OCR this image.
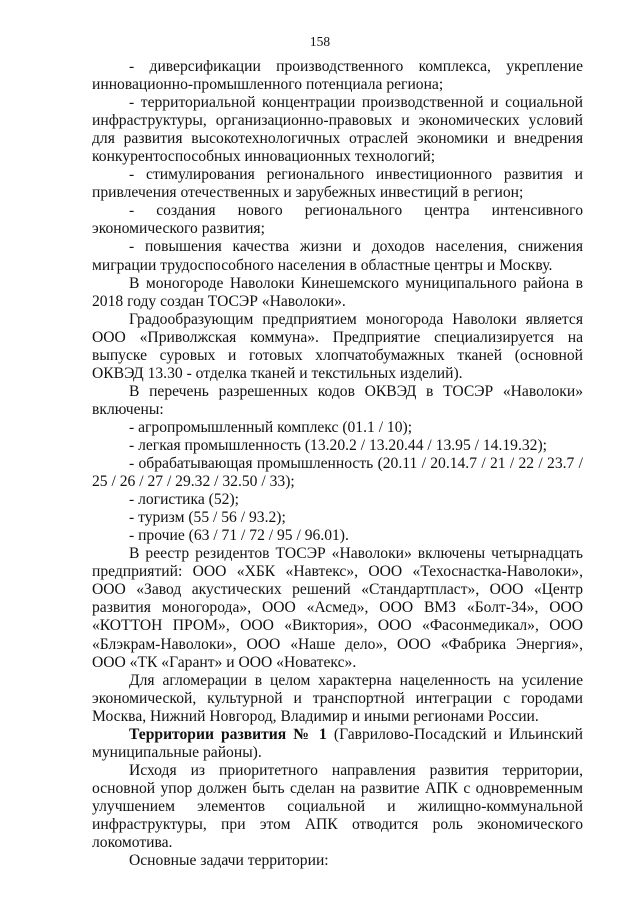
158

- диверсификации производственного комплекса, укрепление инновационно-промышленного потенциала региона;

- территориальной концентрации производственной и социальной инфраструктуры, организационно-правовых и экономических условий для развития высокотехнологичных отраслей экономики и внедрения конкурентоспособных инновационных технологий;

- стимулирования регионального инвестиционного развития и привлечения отечественных и зарубежных инвестиций в регион;

- создания нового регионального центра интенсивного экономического развития;

- повышения качества жизни и доходов населения, снижения миграции трудоспособного населения в областные центры и Москву.

В моногороде Наволоки Кинешемского муниципального района в 2018 году создан ТОСЭР «Наволоки».

Градообразующим предприятием моногорода Наволоки является ООО «Приволжская коммуна». Предприятие специализируется на выпуске суровых и готовых хлопчатобумажных тканей (основной ОКВЭД 13.30 - отделка тканей и текстильных изделий).

В перечень разрешенных кодов ОКВЭД в ТОСЭР «Наволоки» включены:

- агропромышленный комплекс (01.1 / 10);

- легкая промышленность (13.20.2 / 13.20.44 / 13.95 / 14.19.32);

- обрабатывающая промышленность (20.11 / 20.14.7 / 21 / 22 / 23.7 / 25 / 26 / 27 / 29.32 / 32.50 / 33);

- логистика (52);

- туризм (55 / 56 / 93.2);

- прочие (63 / 71 / 72 / 95 / 96.01).

В реестр резидентов ТОСЭР «Наволоки» включены четырнадцать предприятий: ООО «ХБК «Навтекс», ООО «Техоснастка-Наволоки», ООО «Завод акустических решений «Стандартпласт», ООО «Центр развития моногорода», ООО «Асмед», ООО ВМЗ «Болт-34», ООО «КОТТОН ПРОМ», ООО «Виктория», ООО «Фасонмедикал», ООО «Блэкрам-Наволоки», ООО «Наше дело», ООО «Фабрика Энергия», ООО «ТК «Гарант» и ООО «Новатекс».

Для агломерации в целом характерна нацеленность на усиление экономической, культурной и транспортной интеграции с городами Москва, Нижний Новгород, Владимир и иными регионами России.

Территории развития № 1 (Гаврилово-Посадский и Ильинский муниципальные районы).

Исходя из приоритетного направления развития территории, основной упор должен быть сделан на развитие АПК с одновременным улучшением элементов социальной и жилищно-коммунальной инфраструктуры, при этом АПК отводится роль экономического локомотива.

Основные задачи территории:
